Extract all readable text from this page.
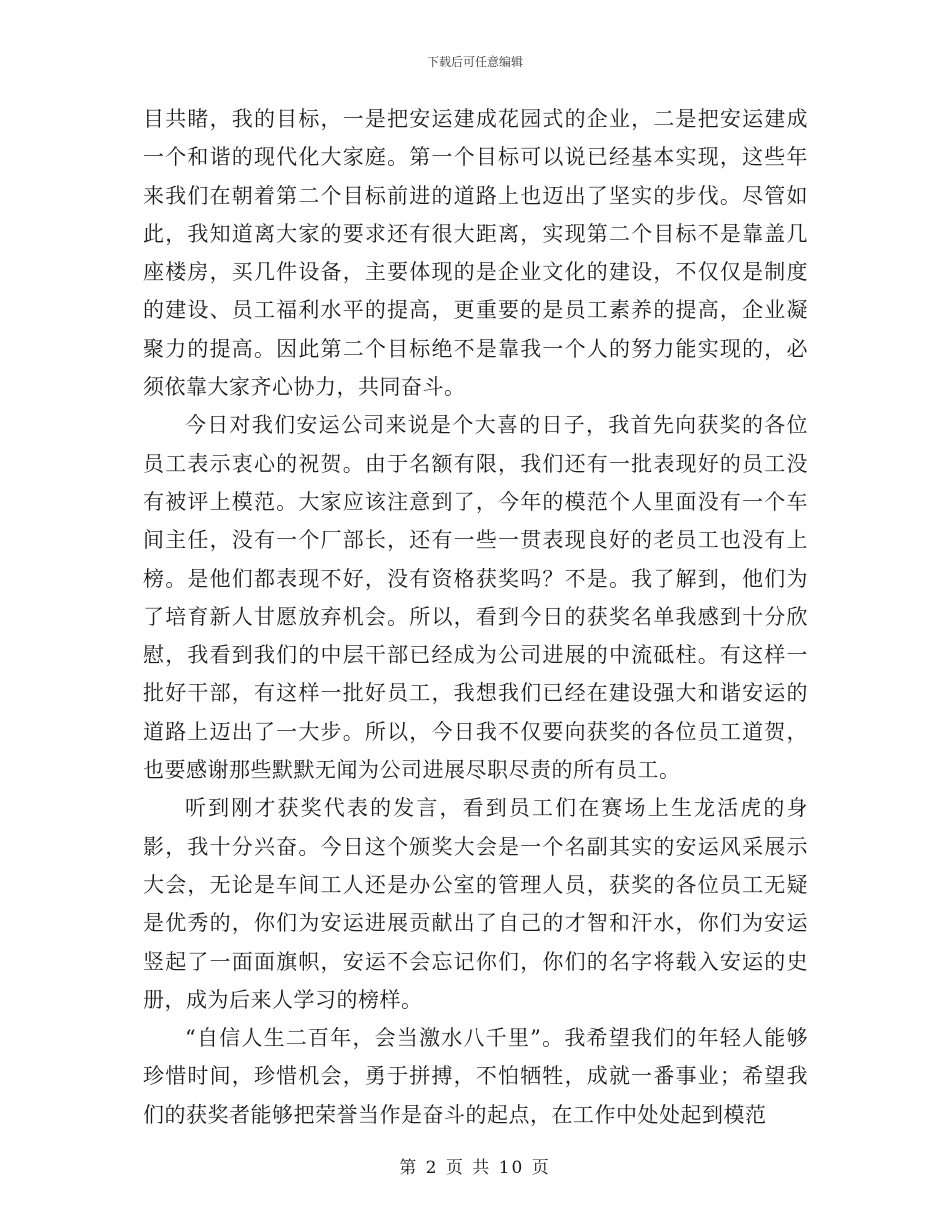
下载后可任意编辑

目共睹，我的目标，一是把安运建成花园式的企业，二是把安运建成一个和谐的现代化大家庭。第一个目标可以说已经基本实现，这些年来我们在朝着第二个目标前进的道路上也迈出了坚实的步伐。尽管如此，我知道离大家的要求还有很大距离，实现第二个目标不是靠盖几座楼房，买几件设备，主要体现的是企业文化的建设，不仅仅是制度的建设、员工福利水平的提高，更重要的是员工素养的提高，企业凝聚力的提高。因此第二个目标绝不是靠我一个人的努力能实现的，必须依靠大家齐心协力，共同奋斗。

今日对我们安运公司来说是个大喜的日子，我首先向获奖的各位员工表示衷心的祝贺。由于名额有限，我们还有一批表现好的员工没有被评上模范。大家应该注意到了，今年的模范个人里面没有一个车间主任，没有一个厂部长，还有一些一贯表现良好的老员工也没有上榜。是他们都表现不好，没有资格获奖吗？不是。我了解到，他们为了培育新人甘愿放弃机会。所以，看到今日的获奖名单我感到十分欣慰，我看到我们的中层干部已经成为公司进展的中流砥柱。有这样一批好干部，有这样一批好员工，我想我们已经在建设强大和谐安运的道路上迈出了一大步。所以，今日我不仅要向获奖的各位员工道贺，也要感谢那些默默无闻为公司进展尽职尽责的所有员工。

听到刚才获奖代表的发言，看到员工们在赛场上生龙活虎的身影，我十分兴奋。今日这个颁奖大会是一个名副其实的安运风采展示大会，无论是车间工人还是办公室的管理人员，获奖的各位员工无疑是优秀的，你们为安运进展贡献出了自己的才智和汗水，你们为安运竖起了一面面旗帜，安运不会忘记你们，你们的名字将载入安运的史册，成为后来人学习的榜样。

“自信人生二百年，会当激水八千里”。我希望我们的年轻人能够珍惜时间，珍惜机会，勇于拼搏，不怕牺牲，成就一番事业；希望我们的获奖者能够把荣誉当作是奋斗的起点，在工作中处处起到模范

第 2 页 共 10 页
